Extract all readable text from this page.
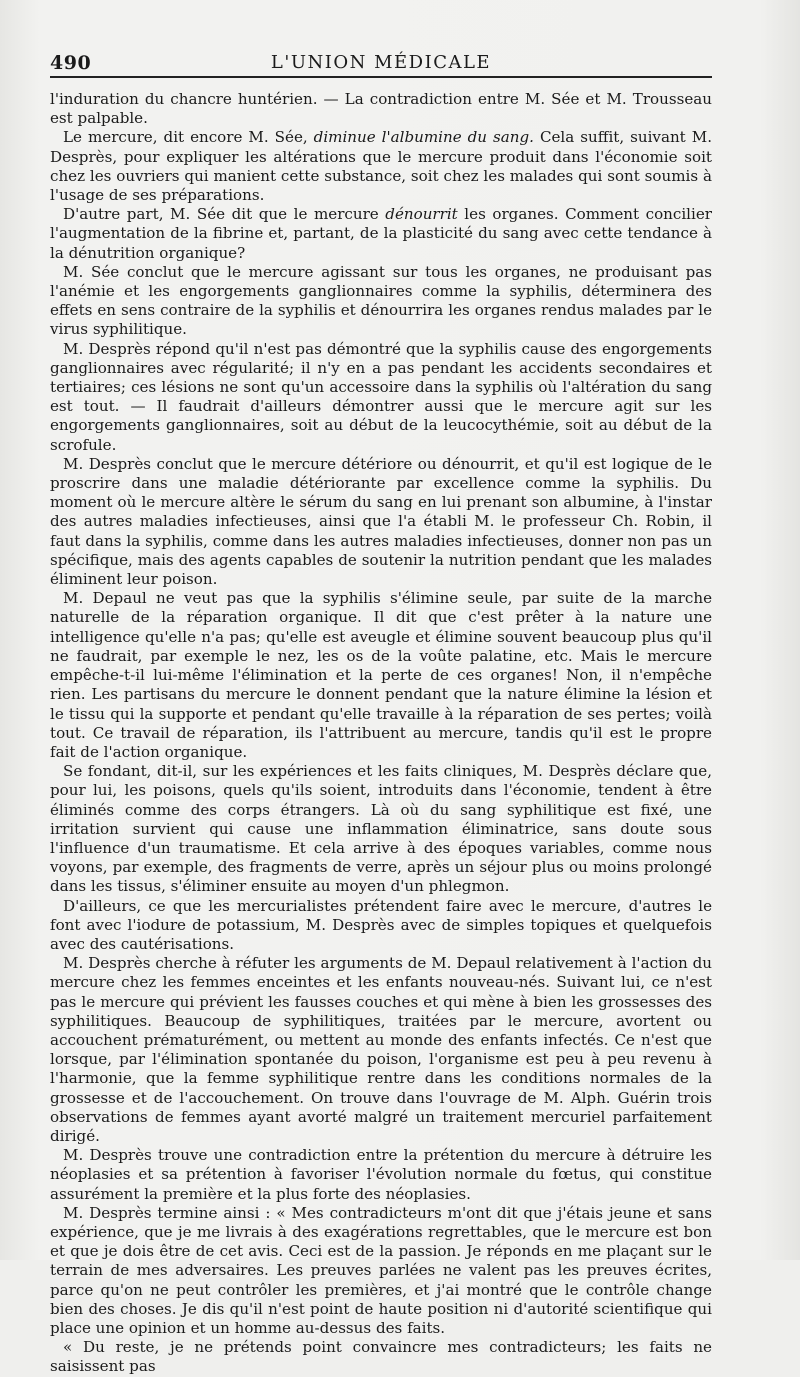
490	L'UNION MÉDICALE

l'induration du chancre huntérien. — La contradiction entre M. Sée et M. Trousseau est palpable.

Le mercure, dit encore M. Sée, diminue l'albumine du sang. Cela suffit, suivant M. Desprès, pour expliquer les altérations que le mercure produit dans l'économie soit chez les ouvriers qui manient cette substance, soit chez les malades qui sont soumis à l'usage de ses préparations.

D'autre part, M. Sée dit que le mercure dénourrit les organes. Comment concilier l'augmentation de la fibrine et, partant, de la plasticité du sang avec cette tendance à la dénutrition organique?

M. Sée conclut que le mercure agissant sur tous les organes, ne produisant pas l'anémie et les engorgements ganglionnaires comme la syphilis, déterminera des effets en sens contraire de la syphilis et dénourrira les organes rendus malades par le virus syphilitique.

M. Desprès répond qu'il n'est pas démontré que la syphilis cause des engorgements ganglionnaires avec régularité; il n'y en a pas pendant les accidents secondaires et tertiaires; ces lésions ne sont qu'un accessoire dans la syphilis où l'altération du sang est tout. — Il faudrait d'ailleurs démontrer aussi que le mercure agit sur les engorgements ganglionnaires, soit au début de la leucocythémie, soit au début de la scrofule.

M. Desprès conclut que le mercure détériore ou dénourrit, et qu'il est logique de le proscrire dans une maladie détériorante par excellence comme la syphilis. Du moment où le mercure altère le sérum du sang en lui prenant son albumine, à l'instar des autres maladies infectieuses, ainsi que l'a établi M. le professeur Ch. Robin, il faut dans la syphilis, comme dans les autres maladies infectieuses, donner non pas un spécifique, mais des agents capables de soutenir la nutrition pendant que les malades éliminent leur poison.

M. Depaul ne veut pas que la syphilis s'élimine seule, par suite de la marche naturelle de la réparation organique. Il dit que c'est prêter à la nature une intelligence qu'elle n'a pas; qu'elle est aveugle et élimine souvent beaucoup plus qu'il ne faudrait, par exemple le nez, les os de la voûte palatine, etc. Mais le mercure empêche-t-il lui-même l'élimination et la perte de ces organes! Non, il n'empêche rien. Les partisans du mercure le donnent pendant que la nature élimine la lésion et le tissu qui la supporte et pendant qu'elle travaille à la réparation de ses pertes; voilà tout. Ce travail de réparation, ils l'attribuent au mercure, tandis qu'il est le propre fait de l'action organique.

Se fondant, dit-il, sur les expériences et les faits cliniques, M. Desprès déclare que, pour lui, les poisons, quels qu'ils soient, introduits dans l'économie, tendent à être éliminés comme des corps étrangers. Là où du sang syphilitique est fixé, une irritation survient qui cause une inflammation éliminatrice, sans doute sous l'influence d'un traumatisme. Et cela arrive à des époques variables, comme nous voyons, par exemple, des fragments de verre, après un séjour plus ou moins prolongé dans les tissus, s'éliminer ensuite au moyen d'un phlegmon.

D'ailleurs, ce que les mercurialistes prétendent faire avec le mercure, d'autres le font avec l'iodure de potassium, M. Desprès avec de simples topiques et quelquefois avec des cautérisations.

M. Desprès cherche à réfuter les arguments de M. Depaul relativement à l'action du mercure chez les femmes enceintes et les enfants nouveau-nés. Suivant lui, ce n'est pas le mercure qui prévient les fausses couches et qui mène à bien les grossesses des syphilitiques. Beaucoup de syphilitiques, traitées par le mercure, avortent ou accouchent prématurément, ou mettent au monde des enfants infectés. Ce n'est que lorsque, par l'élimination spontanée du poison, l'organisme est peu à peu revenu à l'harmonie, que la femme syphilitique rentre dans les conditions normales de la grossesse et de l'accouchement. On trouve dans l'ouvrage de M. Alph. Guérin trois observations de femmes ayant avorté malgré un traitement mercuriel parfaitement dirigé.

M. Desprès trouve une contradiction entre la prétention du mercure à détruire les néoplasies et sa prétention à favoriser l'évolution normale du fœtus, qui constitue assurément la première et la plus forte des néoplasies.

M. Desprès termine ainsi : « Mes contradicteurs m'ont dit que j'étais jeune et sans expérience, que je me livrais à des exagérations regrettables, que le mercure est bon et que je dois être de cet avis. Ceci est de la passion. Je réponds en me plaçant sur le terrain de mes adversaires. Les preuves parlées ne valent pas les preuves écrites, parce qu'on ne peut contrôler les premières, et j'ai montré que le contrôle change bien des choses. Je dis qu'il n'est point de haute position ni d'autorité scientifique qui place une opinion et un homme au-dessus des faits.

« Du reste, je ne prétends point convaincre mes contradicteurs; les faits ne saisissent pas
